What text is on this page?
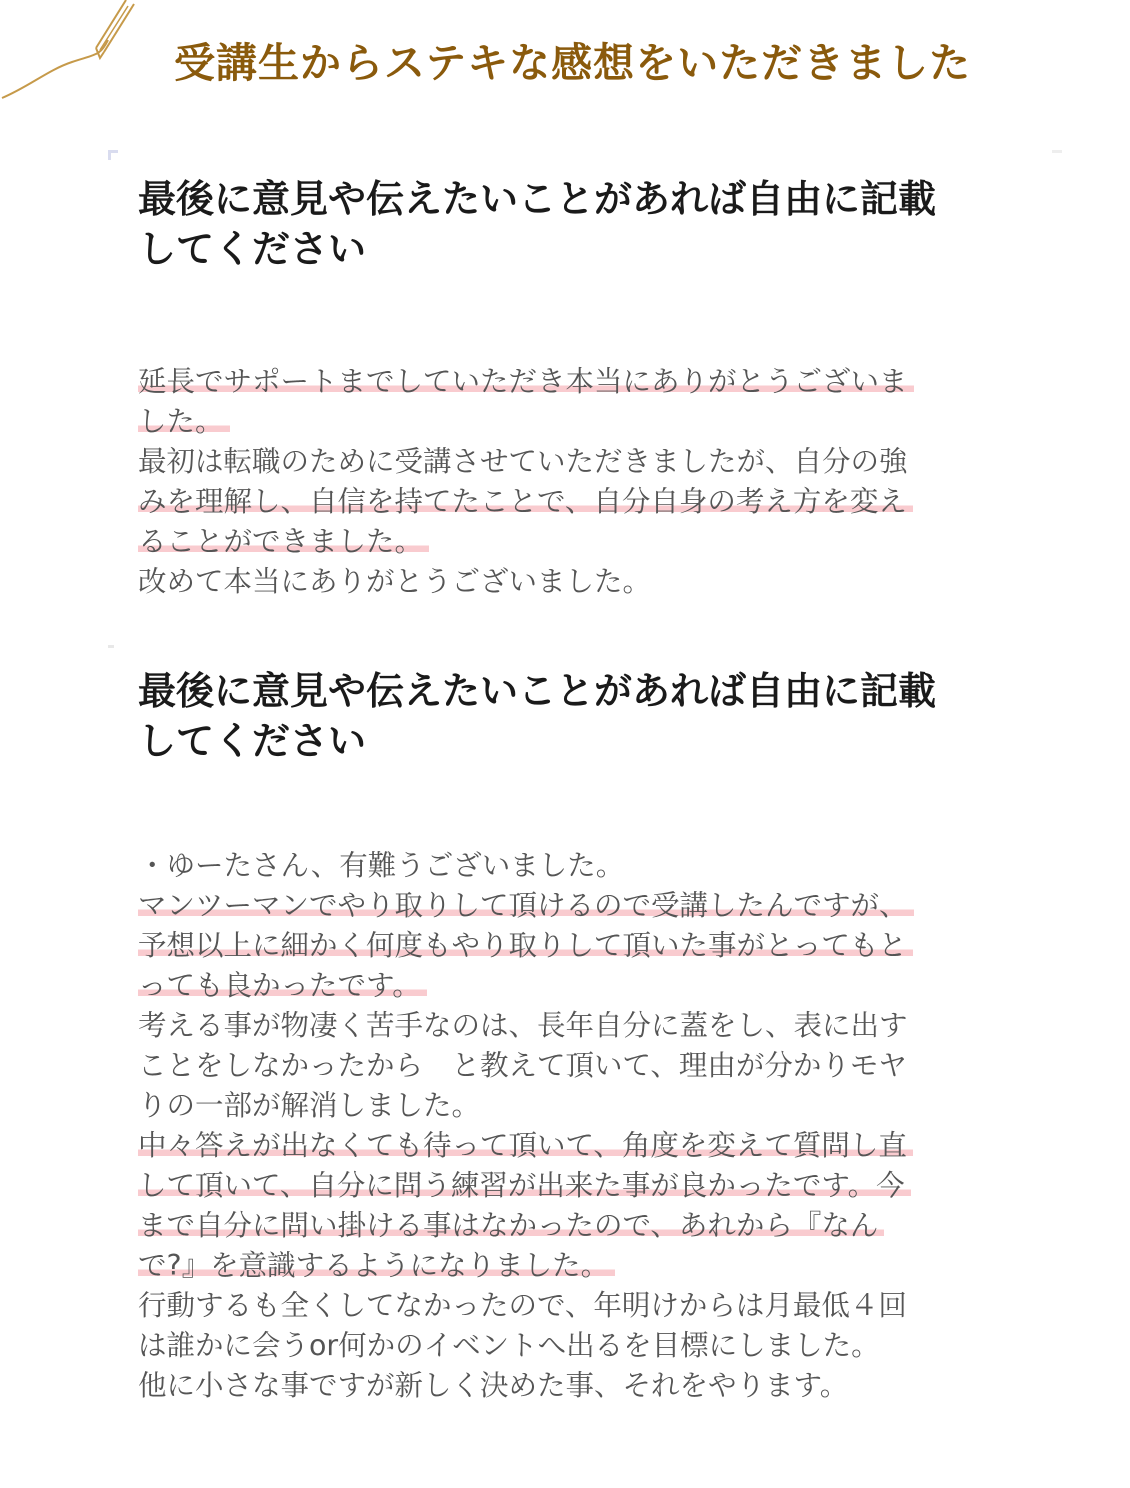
受講生からステキな感想をいただきました
最後に意見や伝えたいことがあれば自由に記載
してください
延長でサポートまでしていただき本当にありがとうございま
した。
最初は転職のために受講させていただきましたが、自分の強
みを理解し、自信を持てたことで、自分自身の考え方を変え
ることができました。
改めて本当にありがとうございました。
最後に意見や伝えたいことがあれば自由に記載
してください
・ゆーたさん、有難うございました。
マンツーマンでやり取りして頂けるので受講したんですが、
予想以上に細かく何度もやり取りして頂いた事がとってもと
っても良かったです。
考える事が物凄く苦手なのは、長年自分に蓋をし、表に出す
ことをしなかったから　と教えて頂いて、理由が分かりモヤ
りの一部が解消しました。
中々答えが出なくても待って頂いて、角度を変えて質問し直
して頂いて、自分に問う練習が出来た事が良かったです。今
まで自分に問い掛ける事はなかったので、あれから『なん
で?』を意識するようになりました。
行動するも全くしてなかったので、年明けからは月最低４回
は誰かに会うor何かのイベントへ出るを目標にしました。
他に小さな事ですが新しく決めた事、それをやります。
